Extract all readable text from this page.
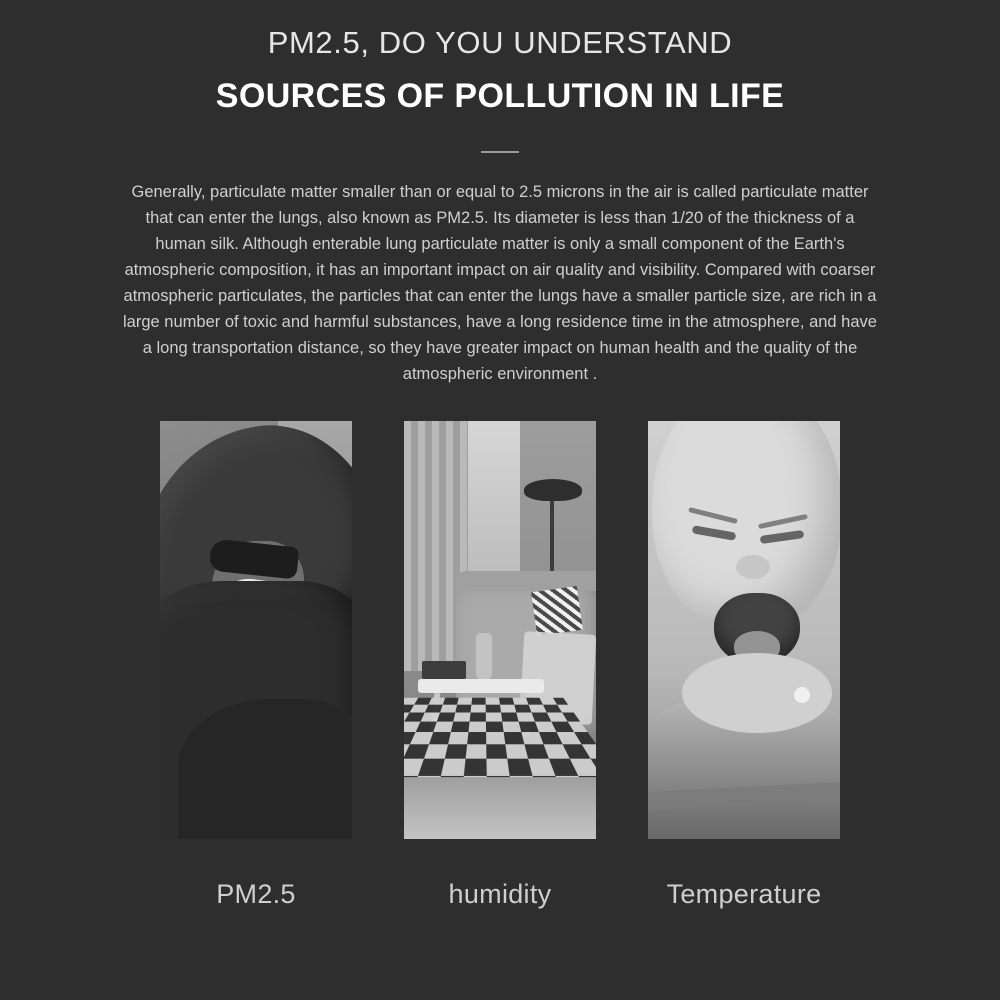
PM2.5, DO YOU UNDERSTAND
SOURCES OF POLLUTION IN LIFE

Generally, particulate matter smaller than or equal to 2.5 microns in the air is called particulate matter that can enter the lungs, also known as PM2.5. Its diameter is less than 1/20 of the thickness of a human silk. Although enterable lung particulate matter is only a small component of the Earth's atmospheric composition, it has an important impact on air quality and visibility. Compared with coarser atmospheric particulates, the particles that can enter the lungs have a smaller particle size, are rich in a large number of toxic and harmful substances, have a long residence time in the atmosphere, and have a long transportation distance, so they have greater impact on human health and the quality of the atmospheric environment .

PM2.5	humidity	Temperature
